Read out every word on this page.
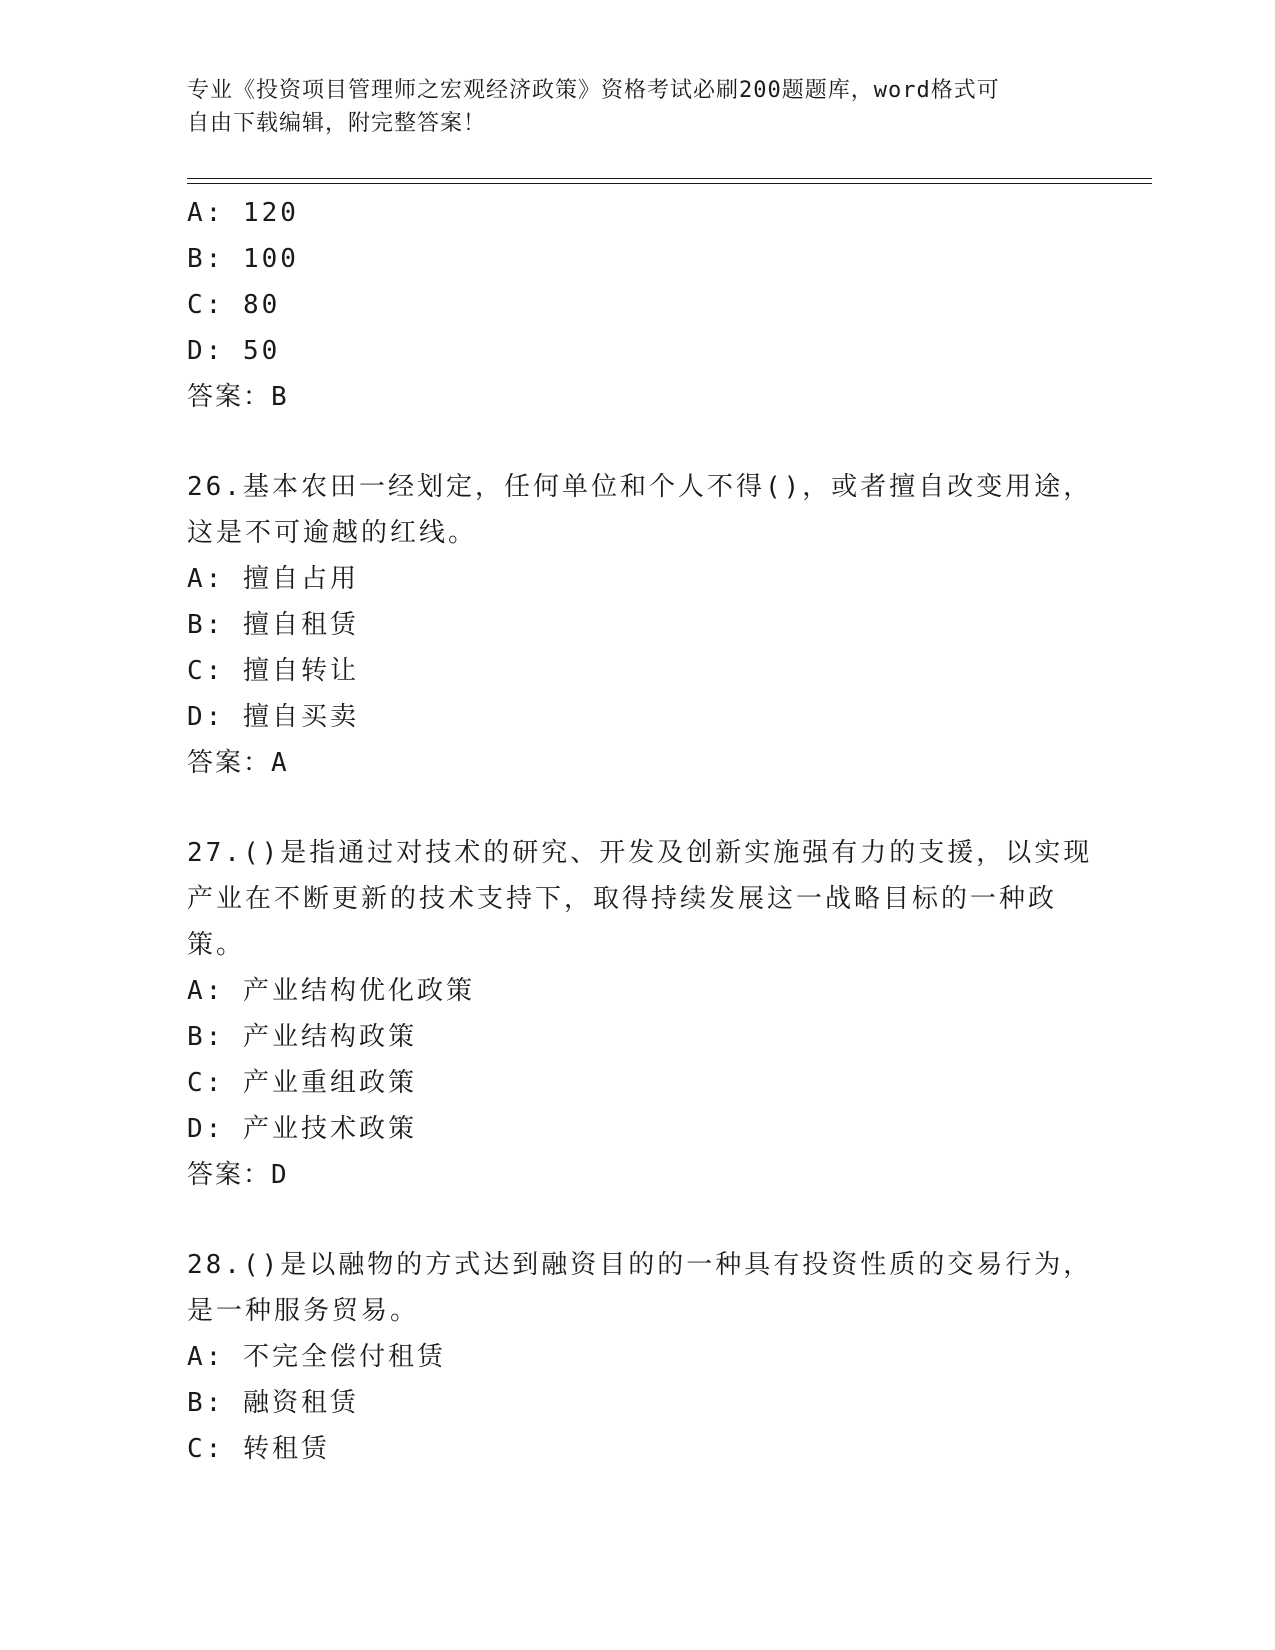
专业《投资项目管理师之宏观经济政策》资格考试必刷200题题库，word格式可
自由下载编辑，附完整答案！
A: 120
B: 100
C: 80
D: 50
答案：B
26.基本农田一经划定，任何单位和个人不得()，或者擅自改变用途，
这是不可逾越的红线。
A: 擅自占用
B: 擅自租赁
C: 擅自转让
D: 擅自买卖
答案：A
27.()是指通过对技术的研究、开发及创新实施强有力的支援，以实现
产业在不断更新的技术支持下，取得持续发展这一战略目标的一种政
策。
A: 产业结构优化政策
B: 产业结构政策
C: 产业重组政策
D: 产业技术政策
答案：D
28.()是以融物的方式达到融资目的的一种具有投资性质的交易行为，
是一种服务贸易。
A: 不完全偿付租赁
B: 融资租赁
C: 转租赁
